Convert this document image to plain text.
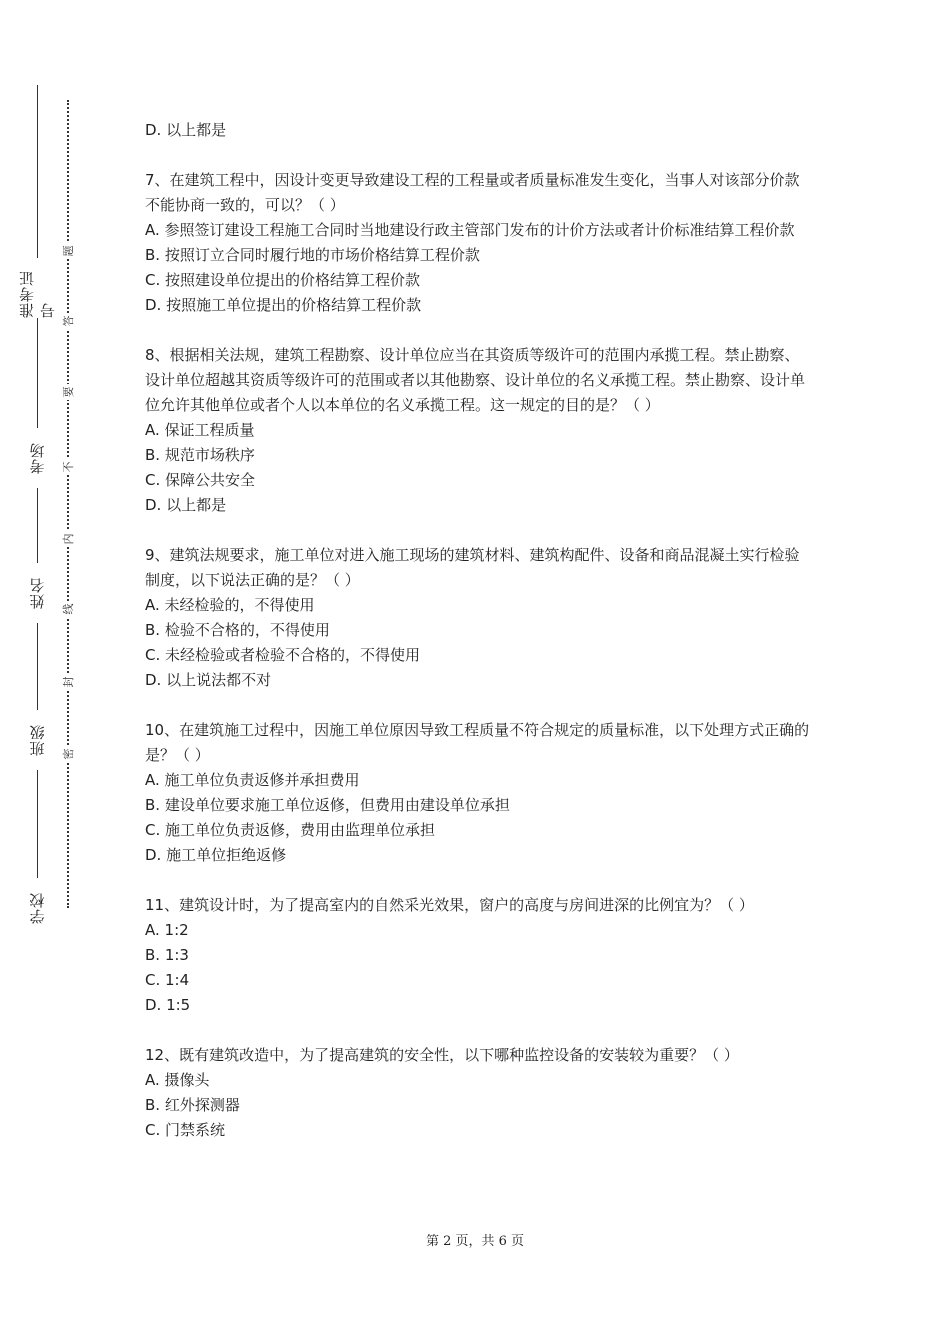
准考证号
考场
姓名
班级
学校
题
答
要
不
内
线
封
密

D. 以上都是

7、在建筑工程中，因设计变更导致建设工程的工程量或者质量标准发生变化，当事人对该部分价款不能协商一致的，可以？（ ）

A. 参照签订建设工程施工合同时当地建设行政主管部门发布的计价方法或者计价标准结算工程价款

B. 按照订立合同时履行地的市场价格结算工程价款

C. 按照建设单位提出的价格结算工程价款

D. 按照施工单位提出的价格结算工程价款

8、根据相关法规，建筑工程勘察、设计单位应当在其资质等级许可的范围内承揽工程。禁止勘察、设计单位超越其资质等级许可的范围或者以其他勘察、设计单位的名义承揽工程。禁止勘察、设计单位允许其他单位或者个人以本单位的名义承揽工程。这一规定的目的是？（ ）

A. 保证工程质量

B. 规范市场秩序

C. 保障公共安全

D. 以上都是

9、建筑法规要求，施工单位对进入施工现场的建筑材料、建筑构配件、设备和商品混凝土实行检验制度，以下说法正确的是？（ ）

A. 未经检验的，不得使用

B. 检验不合格的，不得使用

C. 未经检验或者检验不合格的，不得使用

D. 以上说法都不对

10、在建筑施工过程中，因施工单位原因导致工程质量不符合规定的质量标准，以下处理方式正确的是？（ ）

A. 施工单位负责返修并承担费用

B. 建设单位要求施工单位返修，但费用由建设单位承担

C. 施工单位负责返修，费用由监理单位承担

D. 施工单位拒绝返修

11、建筑设计时，为了提高室内的自然采光效果，窗户的高度与房间进深的比例宜为？（ ）

A. 1:2

B. 1:3

C. 1:4

D. 1:5

12、既有建筑改造中，为了提高建筑的安全性，以下哪种监控设备的安装较为重要？（ ）

A. 摄像头

B. 红外探测器

C. 门禁系统

第 2 页，共 6 页
